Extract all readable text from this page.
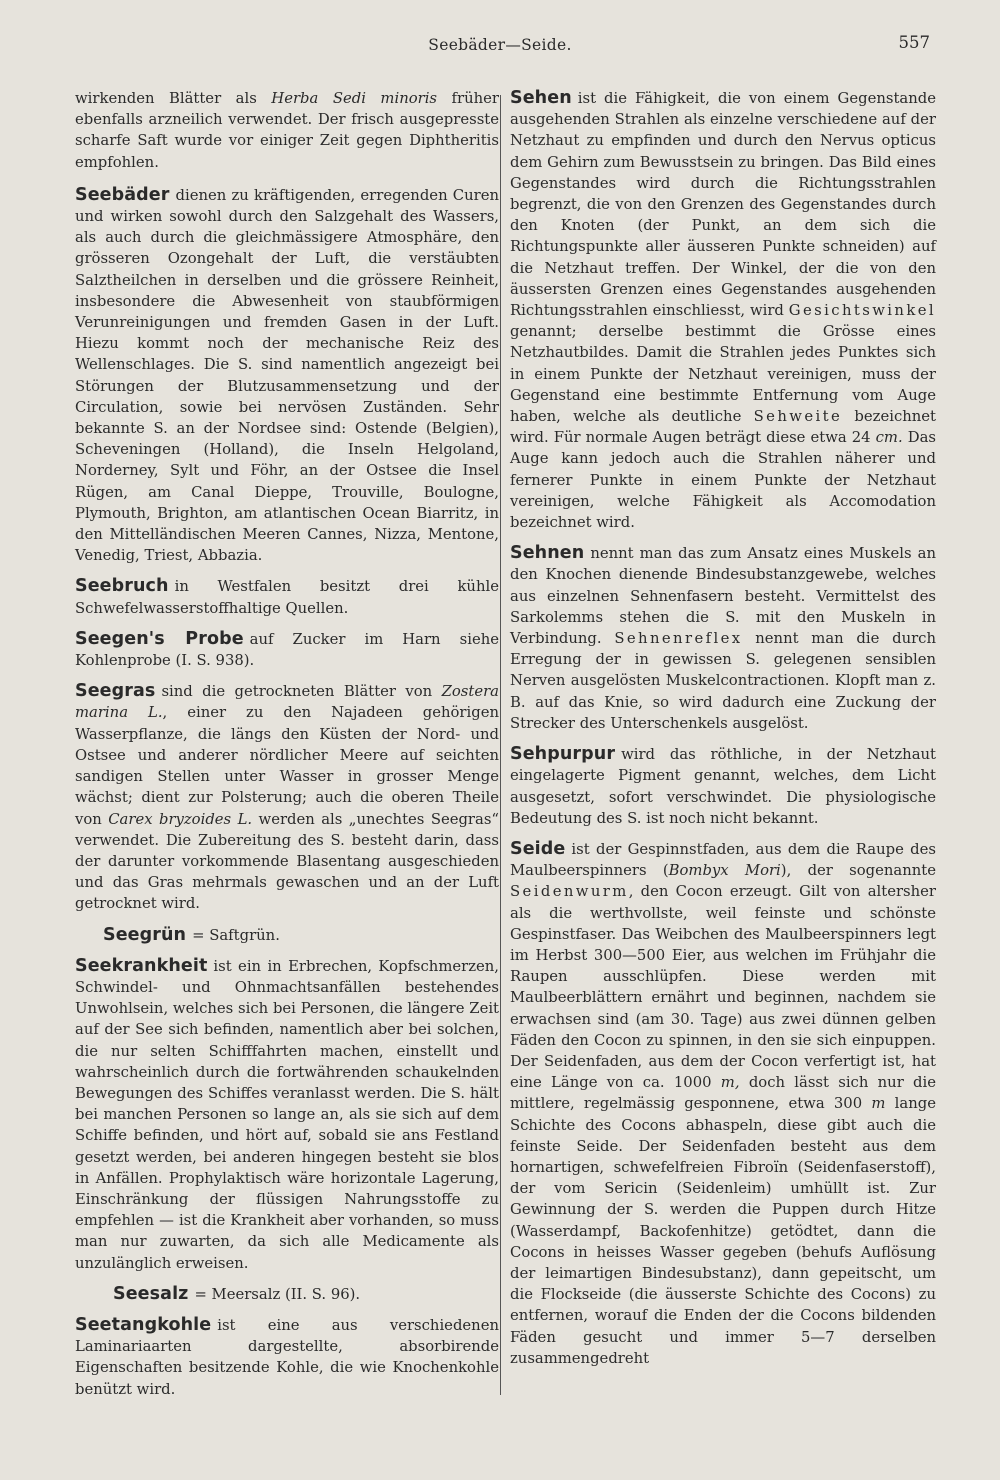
Seebäder—Seide.	557

wirkenden Blätter als Herba Sedi minoris früher ebenfalls arzneilich verwendet. Der frisch ausgepresste scharfe Saft wurde vor einiger Zeit gegen Diphtheritis empfohlen.

Seebäder dienen zu kräftigenden, erregenden Curen und wirken sowohl durch den Salzgehalt des Wassers, als auch durch die gleichmässigere Atmosphäre, den grösseren Ozongehalt der Luft, die verstäubten Salztheilchen in derselben und die grössere Reinheit, insbesondere die Abwesenheit von staubförmigen Verunreinigungen und fremden Gasen in der Luft. Hiezu kommt noch der mechanische Reiz des Wellenschlages. Die S. sind namentlich angezeigt bei Störungen der Blutzusammensetzung und der Circulation, sowie bei nervösen Zuständen. Sehr bekannte S. an der Nordsee sind: Ostende (Belgien), Scheveningen (Holland), die Inseln Helgoland, Norderney, Sylt und Föhr, an der Ostsee die Insel Rügen, am Canal Dieppe, Trouville, Boulogne, Plymouth, Brighton, am atlantischen Ocean Biarritz, in den Mittelländischen Meeren Cannes, Nizza, Mentone, Venedig, Triest, Abbazia.

Seebruch in Westfalen besitzt drei kühle Schwefelwasserstoffhaltige Quellen.

Seegen's Probe auf Zucker im Harn siehe Kohlenprobe (I. S. 938).

Seegras sind die getrockneten Blätter von Zostera marina L., einer zu den Najadeen gehörigen Wasserpflanze, die längs den Küsten der Nord- und Ostsee und anderer nördlicher Meere auf seichten sandigen Stellen unter Wasser in grosser Menge wächst; dient zur Polsterung; auch die oberen Theile von Carex bryzoides L. werden als „unechtes Seegras“ verwendet. Die Zubereitung des S. besteht darin, dass der darunter vorkommende Blasentang ausgeschieden und das Gras mehrmals gewaschen und an der Luft getrocknet wird.

Seegrün = Saftgrün.

Seekrankheit ist ein in Erbrechen, Kopfschmerzen, Schwindel- und Ohnmachtsanfällen bestehendes Unwohlsein, welches sich bei Personen, die längere Zeit auf der See sich befinden, namentlich aber bei solchen, die nur selten Schifffahrten machen, einstellt und wahrscheinlich durch die fortwährenden schaukelnden Bewegungen des Schiffes veranlasst werden. Die S. hält bei manchen Personen so lange an, als sie sich auf dem Schiffe befinden, und hört auf, sobald sie ans Festland gesetzt werden, bei anderen hingegen besteht sie blos in Anfällen. Prophylaktisch wäre horizontale Lagerung, Einschränkung der flüssigen Nahrungsstoffe zu empfehlen — ist die Krankheit aber vorhanden, so muss man nur zuwarten, da sich alle Medicamente als unzulänglich erweisen.

Seesalz = Meersalz (II. S. 96).

Seetangkohle ist eine aus verschiedenen Laminariaarten dargestellte, absorbirende Eigenschaften besitzende Kohle, die wie Knochenkohle benützt wird.

Sehen ist die Fähigkeit, die von einem Gegenstande ausgehenden Strahlen als einzelne verschiedene auf der Netzhaut zu empfinden und durch den Nervus opticus dem Gehirn zum Bewusstsein zu bringen. Das Bild eines Gegenstandes wird durch die Richtungsstrahlen begrenzt, die von den Grenzen des Gegenstandes durch den Knoten (der Punkt, an dem sich die Richtungspunkte aller äusseren Punkte schneiden) auf die Netzhaut treffen. Der Winkel, der die von den äussersten Grenzen eines Gegenstandes ausgehenden Richtungsstrahlen einschliesst, wird Gesichtswinkel genannt; derselbe bestimmt die Grösse eines Netzhautbildes. Damit die Strahlen jedes Punktes sich in einem Punkte der Netzhaut vereinigen, muss der Gegenstand eine bestimmte Entfernung vom Auge haben, welche als deutliche Sehweite bezeichnet wird. Für normale Augen beträgt diese etwa 24 cm. Das Auge kann jedoch auch die Strahlen näherer und fernerer Punkte in einem Punkte der Netzhaut vereinigen, welche Fähigkeit als Accomodation bezeichnet wird.

Sehnen nennt man das zum Ansatz eines Muskels an den Knochen dienende Bindesubstanzgewebe, welches aus einzelnen Sehnenfasern besteht. Vermittelst des Sarkolemms stehen die S. mit den Muskeln in Verbindung. Sehnenreflex nennt man die durch Erregung der in gewissen S. gelegenen sensiblen Nerven ausgelösten Muskelcontractionen. Klopft man z. B. auf das Knie, so wird dadurch eine Zuckung der Strecker des Unterschenkels ausgelöst.

Sehpurpur wird das röthliche, in der Netzhaut eingelagerte Pigment genannt, welches, dem Licht ausgesetzt, sofort verschwindet. Die physiologische Bedeutung des S. ist noch nicht bekannt.

Seide ist der Gespinnstfaden, aus dem die Raupe des Maulbeerspinners (Bombyx Mori), der sogenannte Seidenwurm, den Cocon erzeugt. Gilt von altersher als die werthvollste, weil feinste und schönste Gespinstfaser. Das Weibchen des Maulbeerspinners legt im Herbst 300—500 Eier, aus welchen im Frühjahr die Raupen ausschlüpfen. Diese werden mit Maulbeerblättern ernährt und beginnen, nachdem sie erwachsen sind (am 30. Tage) aus zwei dünnen gelben Fäden den Cocon zu spinnen, in den sie sich einpuppen. Der Seidenfaden, aus dem der Cocon verfertigt ist, hat eine Länge von ca. 1000 m, doch lässt sich nur die mittlere, regelmässig gesponnene, etwa 300 m lange Schichte des Cocons abhaspeln, diese gibt auch die feinste Seide. Der Seidenfaden besteht aus dem hornartigen, schwefelfreien Fibroïn (Seidenfaserstoff), der vom Sericin (Seidenleim) umhüllt ist. Zur Gewinnung der S. werden die Puppen durch Hitze (Wasserdampf, Backofenhitze) getödtet, dann die Cocons in heisses Wasser gegeben (behufs Auflösung der leimartigen Bindesubstanz), dann gepeitscht, um die Flockseide (die äusserste Schichte des Cocons) zu entfernen, worauf die Enden der die Cocons bildenden Fäden gesucht und immer 5—7 derselben zusammengedreht
